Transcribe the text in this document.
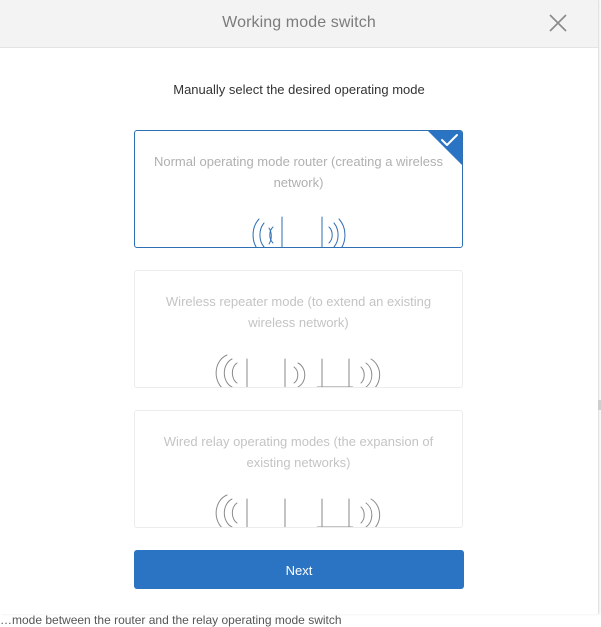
Working mode switch
Manually select the desired operating mode
Normal operating mode router (creating a wireless network)
Wireless repeater mode (to extend an existing wireless network)
Wired relay operating modes (the expansion of existing networks)
Next
…mode between the router and the relay operating mode switch
